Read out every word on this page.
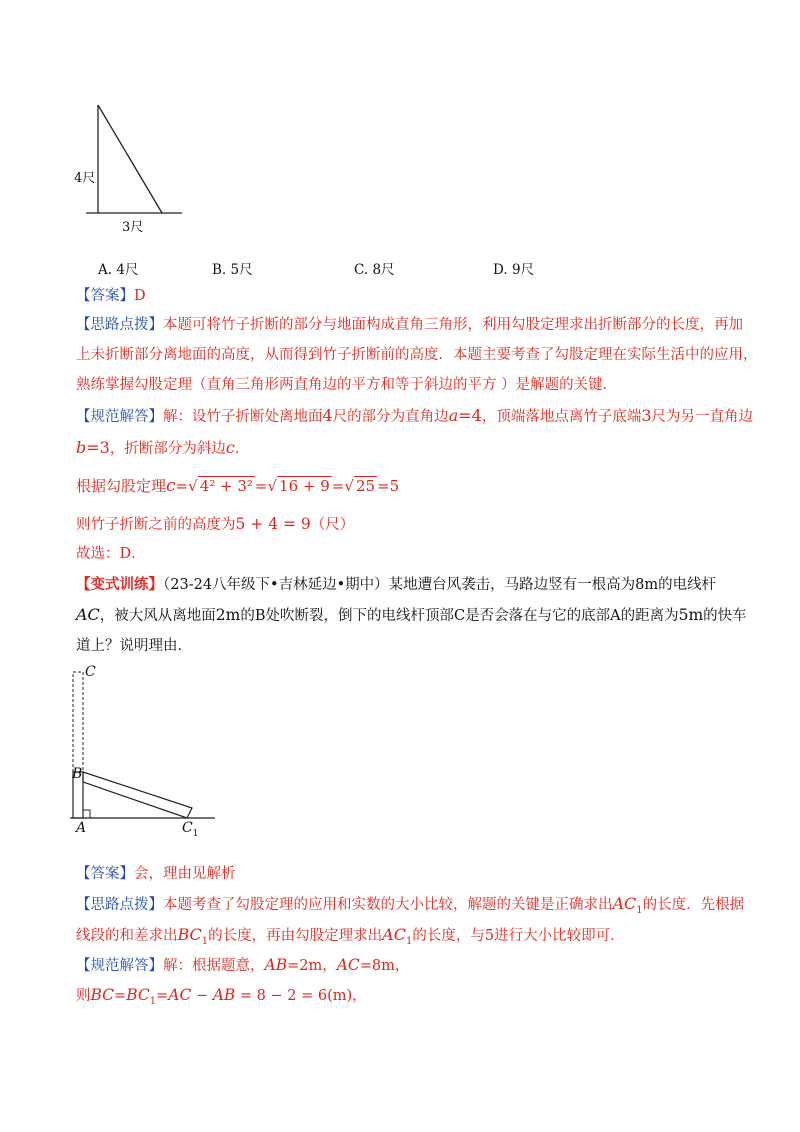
4尺
3尺
A. 4尺	B. 5尺	C. 8尺	D. 9尺
【答案】D
【思路点拨】本题可将竹子折断的部分与地面构成直角三角形，利用勾股定理求出折断部分的长度，再加
上未折断部分离地面的高度，从而得到竹子折断前的高度．本题主要考查了勾股定理在实际生活中的应用，
熟练掌握勾股定理（直角三角形两直角边的平方和等于斜边的平方 ）是解题的关键．
【规范解答】解：设竹子折断处离地面4尺的部分为直角边a=4，顶端落地点离竹子底端3尺为另一直角边
b=3，折断部分为斜边c．
根据勾股定理c=√ 4² + 3² =√ 16 + 9 =√ 25 =5
则竹子折断之前的高度为5 + 4 = 9（尺）
故选：D．
【变式训练】（23-24八年级下•吉林延边•期中）某地遭台风袭击，马路边竖有一根高为8m的电线杆
AC，被大风从离地面2m的B处吹断裂，倒下的电线杆顶部C是否会落在与它的底部A的距离为5m的快车
道上？说明理由．
C
B
A	$C_1$
【答案】会，理由见解析
【思路点拨】本题考查了勾股定理的应用和实数的大小比较，解题的关键是正确求出$AC_1$的长度．先根据
线段的和差求出$BC_1$的长度，再由勾股定理求出$AC_1$的长度，与5进行大小比较即可．
【规范解答】解：根据题意，AB=2m，AC=8m，
则$BC=BC_1=AC$ − AB = 8 − 2 = 6(m)，
